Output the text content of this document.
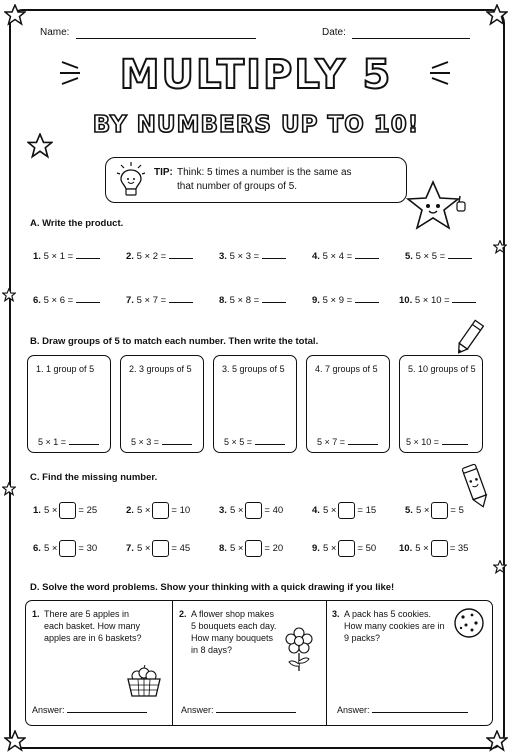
Name:	Date:
MULTIPLY 5
BY NUMBERS UP TO 10!
TIP: Think: 5 times a number is the same as
that number of groups of 5.
A. Write the product.
1. 5 × 1 =	2. 5 × 2 =	3. 5 × 3 =	4. 5 × 4 =	5. 5 × 5 =
6. 5 × 6 =	7. 5 × 7 =	8. 5 × 8 =	9. 5 × 9 =	10. 5 × 10 =
B. Draw groups of 5 to match each number. Then write the total.
1. 1 group of 5
5 × 1 =
2. 3 groups of 5
5 × 3 =
3. 5 groups of 5
5 × 5 =
4. 7 groups of 5
5 × 7 =
5. 10 groups of 5
5 × 10 =
C. Find the missing number.
1. 5 × = 25	2. 5 × = 10	3. 5 × = 40	4. 5 × = 15	5. 5 × = 5
6. 5 × = 30	7. 5 × = 45	8. 5 × = 20	9. 5 × = 50 10. 5 × = 35
D. Solve the word problems. Show your thinking with a quick drawing if you like!
1. There are 5 apples in
each basket. How many
apples are in 6 baskets?
2. A flower shop makes
5 bouquets each day.
How many bouquets
in 8 days?
3. A pack has 5 cookies.
How many cookies are in
9 packs?
Answer:	Answer:	Answer:
